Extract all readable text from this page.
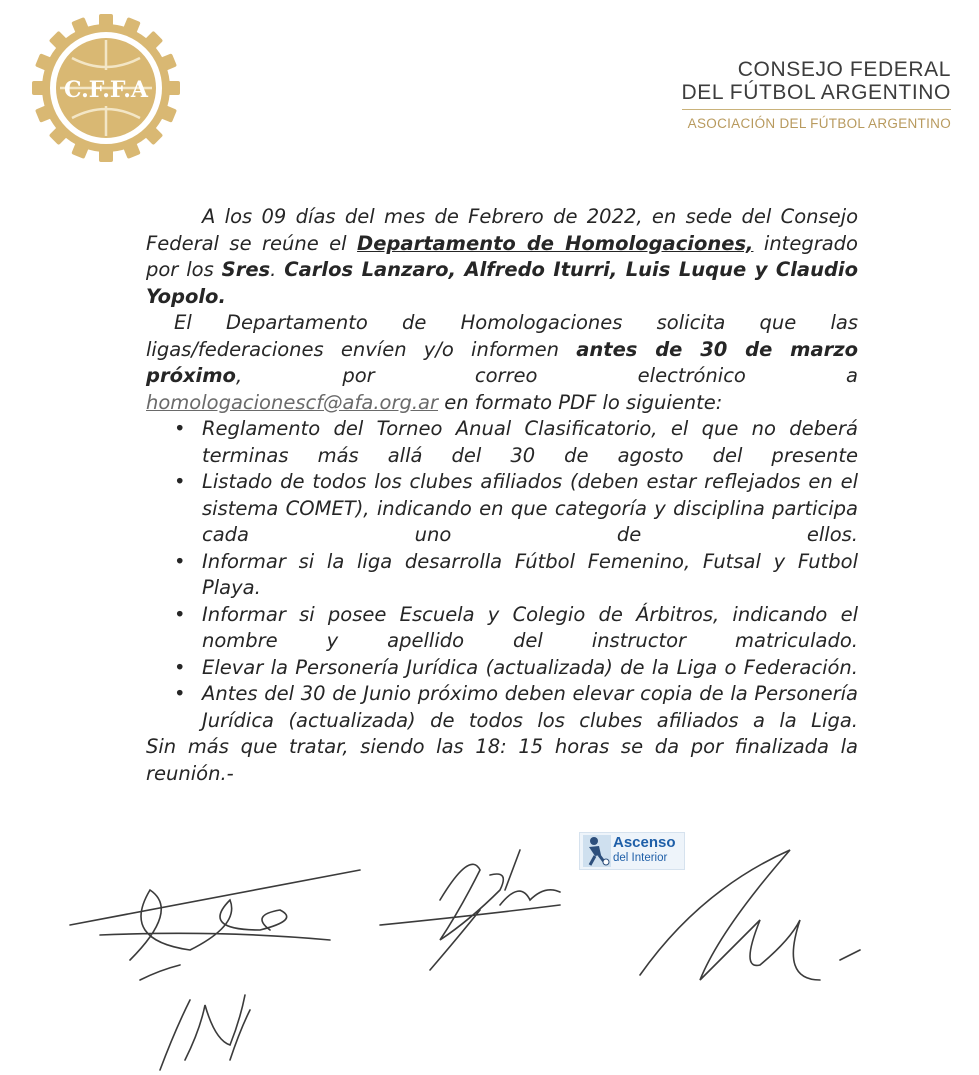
C.F.F.A
CONSEJO FEDERAL
DEL FÚTBOL ARGENTINO
ASOCIACIÓN DEL FÚTBOL ARGENTINO

A los 09 días del mes de Febrero de 2022, en sede del Consejo Federal se reúne el Departamento de Homologaciones, integrado por los Sres. Carlos Lanzaro, Alfredo Iturri, Luis Luque y Claudio Yopolo.

El Departamento de Homologaciones solicita que las ligas/federaciones envíen y/o informen antes de 30 de marzo próximo, por correo electrónico a

homologacionescf@afa.org.ar en formato PDF lo siguiente:

• Reglamento del Torneo Anual Clasificatorio, el que no deberá terminas más allá del 30 de agosto del presente
• Listado de todos los clubes afiliados (deben estar reflejados en el sistema COMET), indicando en que categoría y disciplina participa cada uno de ellos.
• Informar si la liga desarrolla Fútbol Femenino, Futsal y Futbol Playa.
• Informar si posee Escuela y Colegio de Árbitros, indicando el nombre y apellido del instructor matriculado.
• Elevar la Personería Jurídica (actualizada) de la Liga o Federación.
• Antes del 30 de Junio próximo deben elevar copia de la Personería Jurídica (actualizada) de todos los clubes afiliados a la Liga.

Sin más que tratar, siendo las 18: 15 horas se da por finalizada la reunión.-

Ascenso
del Interior
